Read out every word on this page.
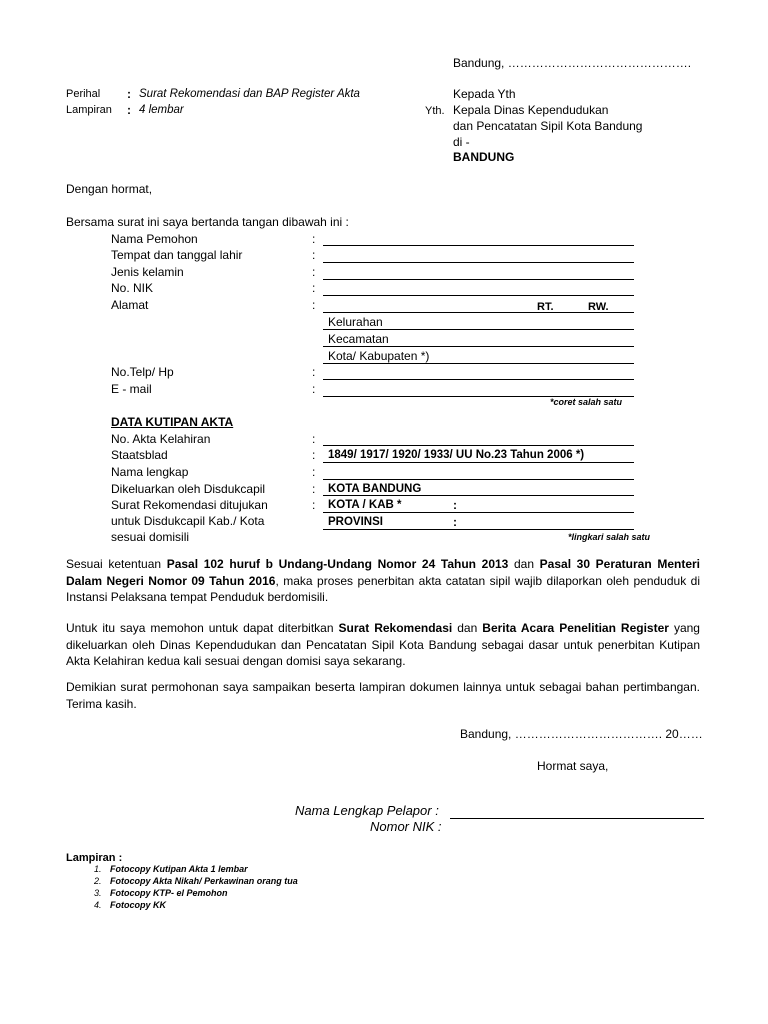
Bandung, ……………………………………….
Perihal : Surat Rekomendasi dan BAP Register Akta
Lampiran : 4 lembar
Kepada Yth
Yth. Kepala Dinas Kependudukan
dan Pencatatan Sipil Kota Bandung
di -
BANDUNG
Dengan hormat,
Bersama surat ini saya bertanda tangan dibawah ini :
Nama Pemohon	:
Tempat dan tanggal lahir	:
Jenis kelamin	:
No. NIK	:
Alamat	:	RT.	RW.
Kelurahan
Kecamatan
Kota/ Kabupaten *)
No.Telp/ Hp	:
E - mail	:
*coret salah satu
DATA KUTIPAN AKTA
No. Akta Kelahiran	:
Staatsblad	: 1849/ 1917/ 1920/ 1933/ UU No.23 Tahun 2006 *)
Nama lengkap	:
Dikeluarkan oleh Disdukcapil	: KOTA BANDUNG
Surat Rekomendasi ditujukan	: KOTA / KAB *	:
untuk Disdukcapil Kab./ Kota	PROVINSI	:
sesuai domisili	*lingkari salah satu
Sesuai ketentuan Pasal 102 huruf b Undang-Undang Nomor 24 Tahun 2013 dan Pasal 30 Peraturan Menteri Dalam Negeri Nomor 09 Tahun 2016, maka proses penerbitan akta catatan sipil wajib dilaporkan oleh penduduk di Instansi Pelaksana tempat Penduduk berdomisili.
Untuk itu saya memohon untuk dapat diterbitkan Surat Rekomendasi dan Berita Acara Penelitian Register yang dikeluarkan oleh Dinas Kependudukan dan Pencatatan Sipil Kota Bandung sebagai dasar untuk penerbitan Kutipan Akta Kelahiran kedua kali sesuai dengan domisi saya sekarang.
Demikian surat permohonan saya sampaikan beserta lampiran dokumen lainnya untuk sebagai bahan pertimbangan. Terima kasih.
Bandung, ………………………………. 20……
Hormat saya,
Nama Lengkap Pelapor :
Nomor NIK :
Lampiran :
1. Fotocopy Kutipan Akta 1 lembar
2. Fotocopy Akta Nikah/ Perkawinan orang tua
3. Fotocopy KTP- el Pemohon
4. Fotocopy KK
